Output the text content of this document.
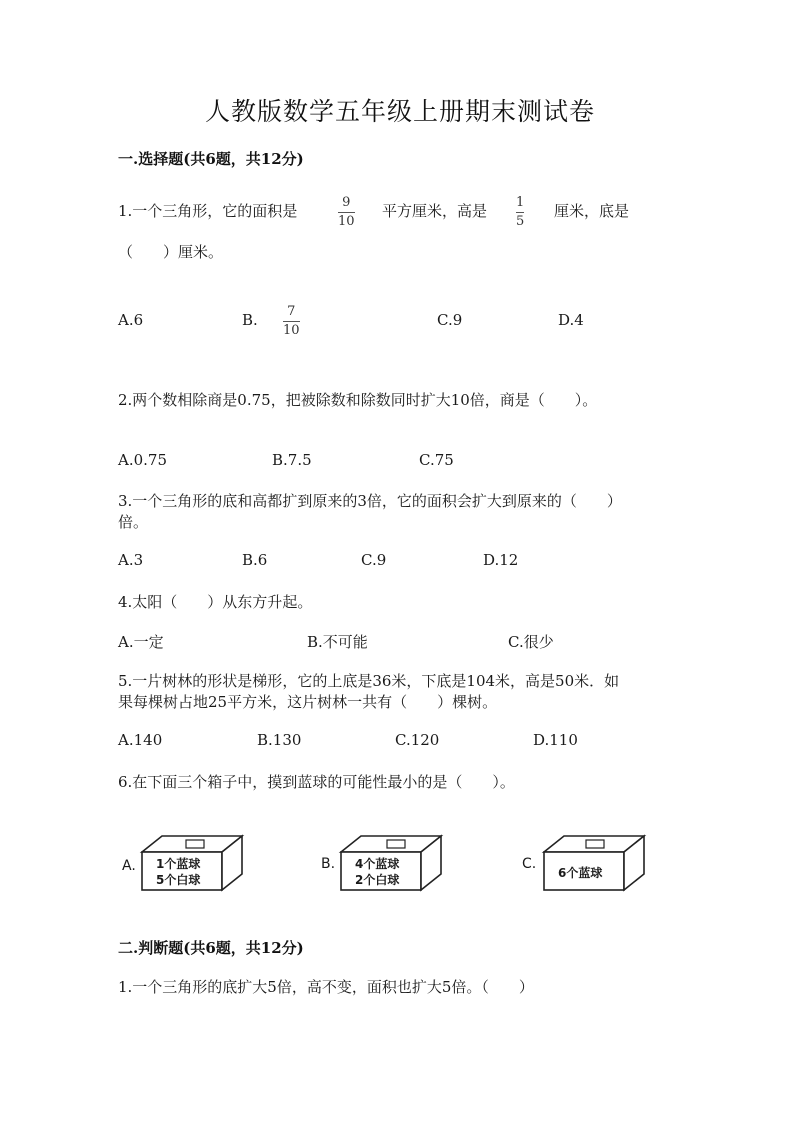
人教版数学五年级上册期末测试卷
一.选择题(共6题，共12分)
1.一个三角形，它的面积是	9
10
平方厘米，高是 1
5
厘米，底是
（　　）厘米。
A.6	B. 7
10
C.9	D.4
2.两个数相除商是0.75，把被除数和除数同时扩大10倍，商是（　　）。
A.0.75	B.7.5	C.75
3.一个三角形的底和高都扩到原来的3倍，它的面积会扩大到原来的（　　）
倍。
A.3	B.6	C.9	D.12
4.太阳（　　）从东方升起。
A.一定	B.不可能	C.很少
5.一片树林的形状是梯形，它的上底是36米，下底是104米，高是50米．如
果每棵树占地25平方米，这片树林一共有（　　）棵树。
A.140	B.130	C.120	D.110
6.在下面三个箱子中，摸到蓝球的可能性最小的是（　　）。
A. 1个蓝球
5个白球
B. 4个蓝球
2个白球
C.
6个蓝球
二.判断题(共6题，共12分)
1.一个三角形的底扩大5倍，高不变，面积也扩大5倍。（　　）
